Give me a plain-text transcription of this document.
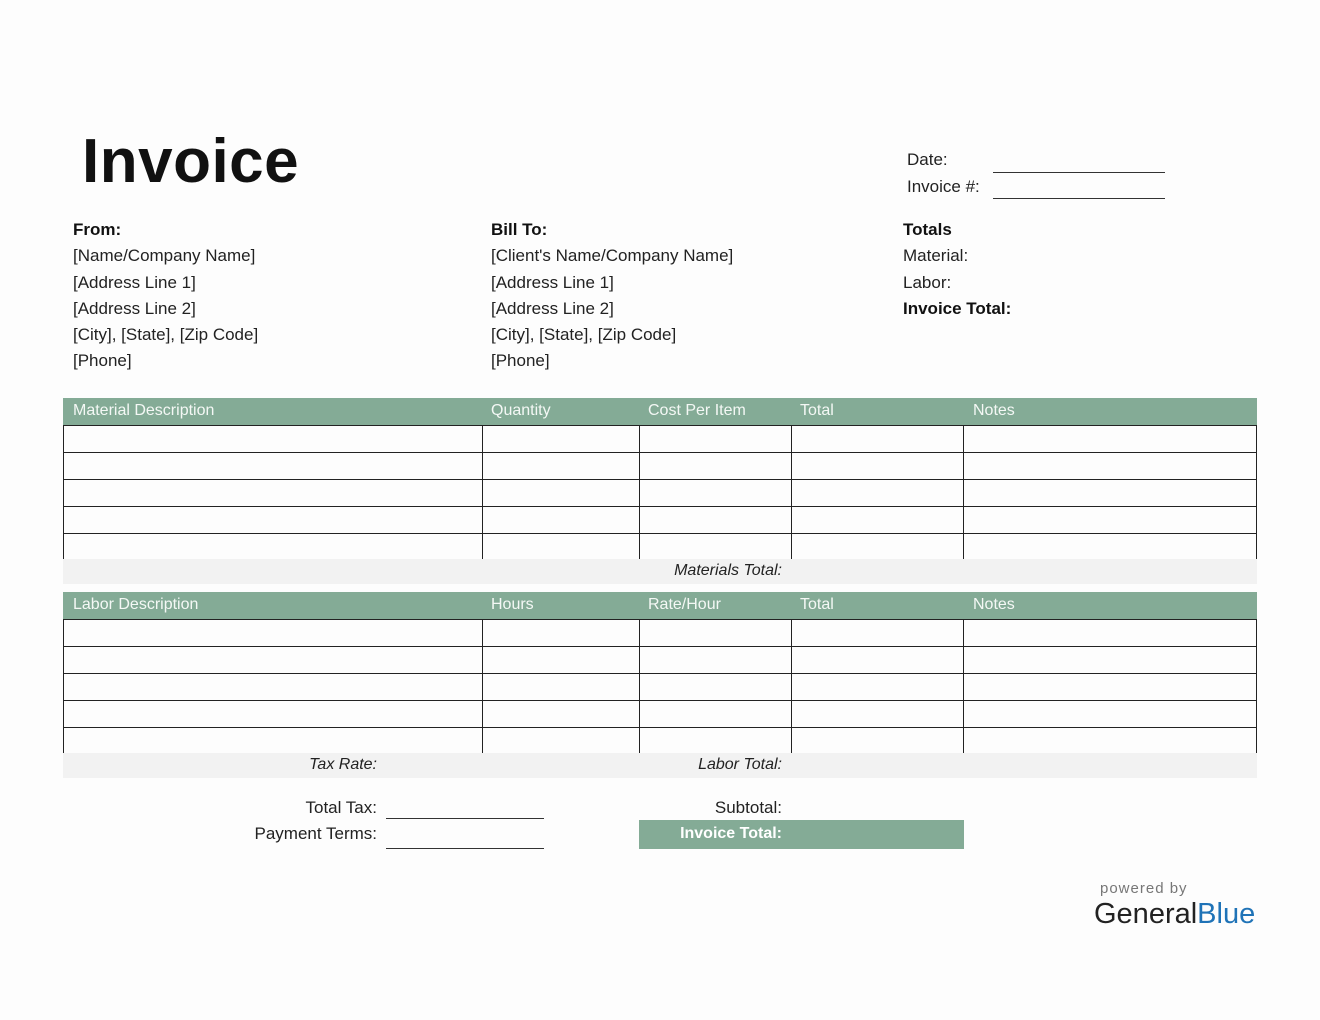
Invoice	Date:
Invoice #:
From:
[Name/Company Name]
[Address Line 1]
[Address Line 2]
[City], [State], [Zip Code]
[Phone]
Bill To:
[Client's Name/Company Name]
[Address Line 1]
[Address Line 2]
[City], [State], [Zip Code]
[Phone]
Totals
Material:
Labor:
Invoice Total:
Material Description	Quantity	Cost Per Item	Total	Notes
Materials Total:
Labor Description	Hours	Rate/Hour	Total	Notes
Tax Rate:	Labor Total:
Total Tax:
Payment Terms:
Subtotal:
Invoice Total:
powered by
GeneralBlue
